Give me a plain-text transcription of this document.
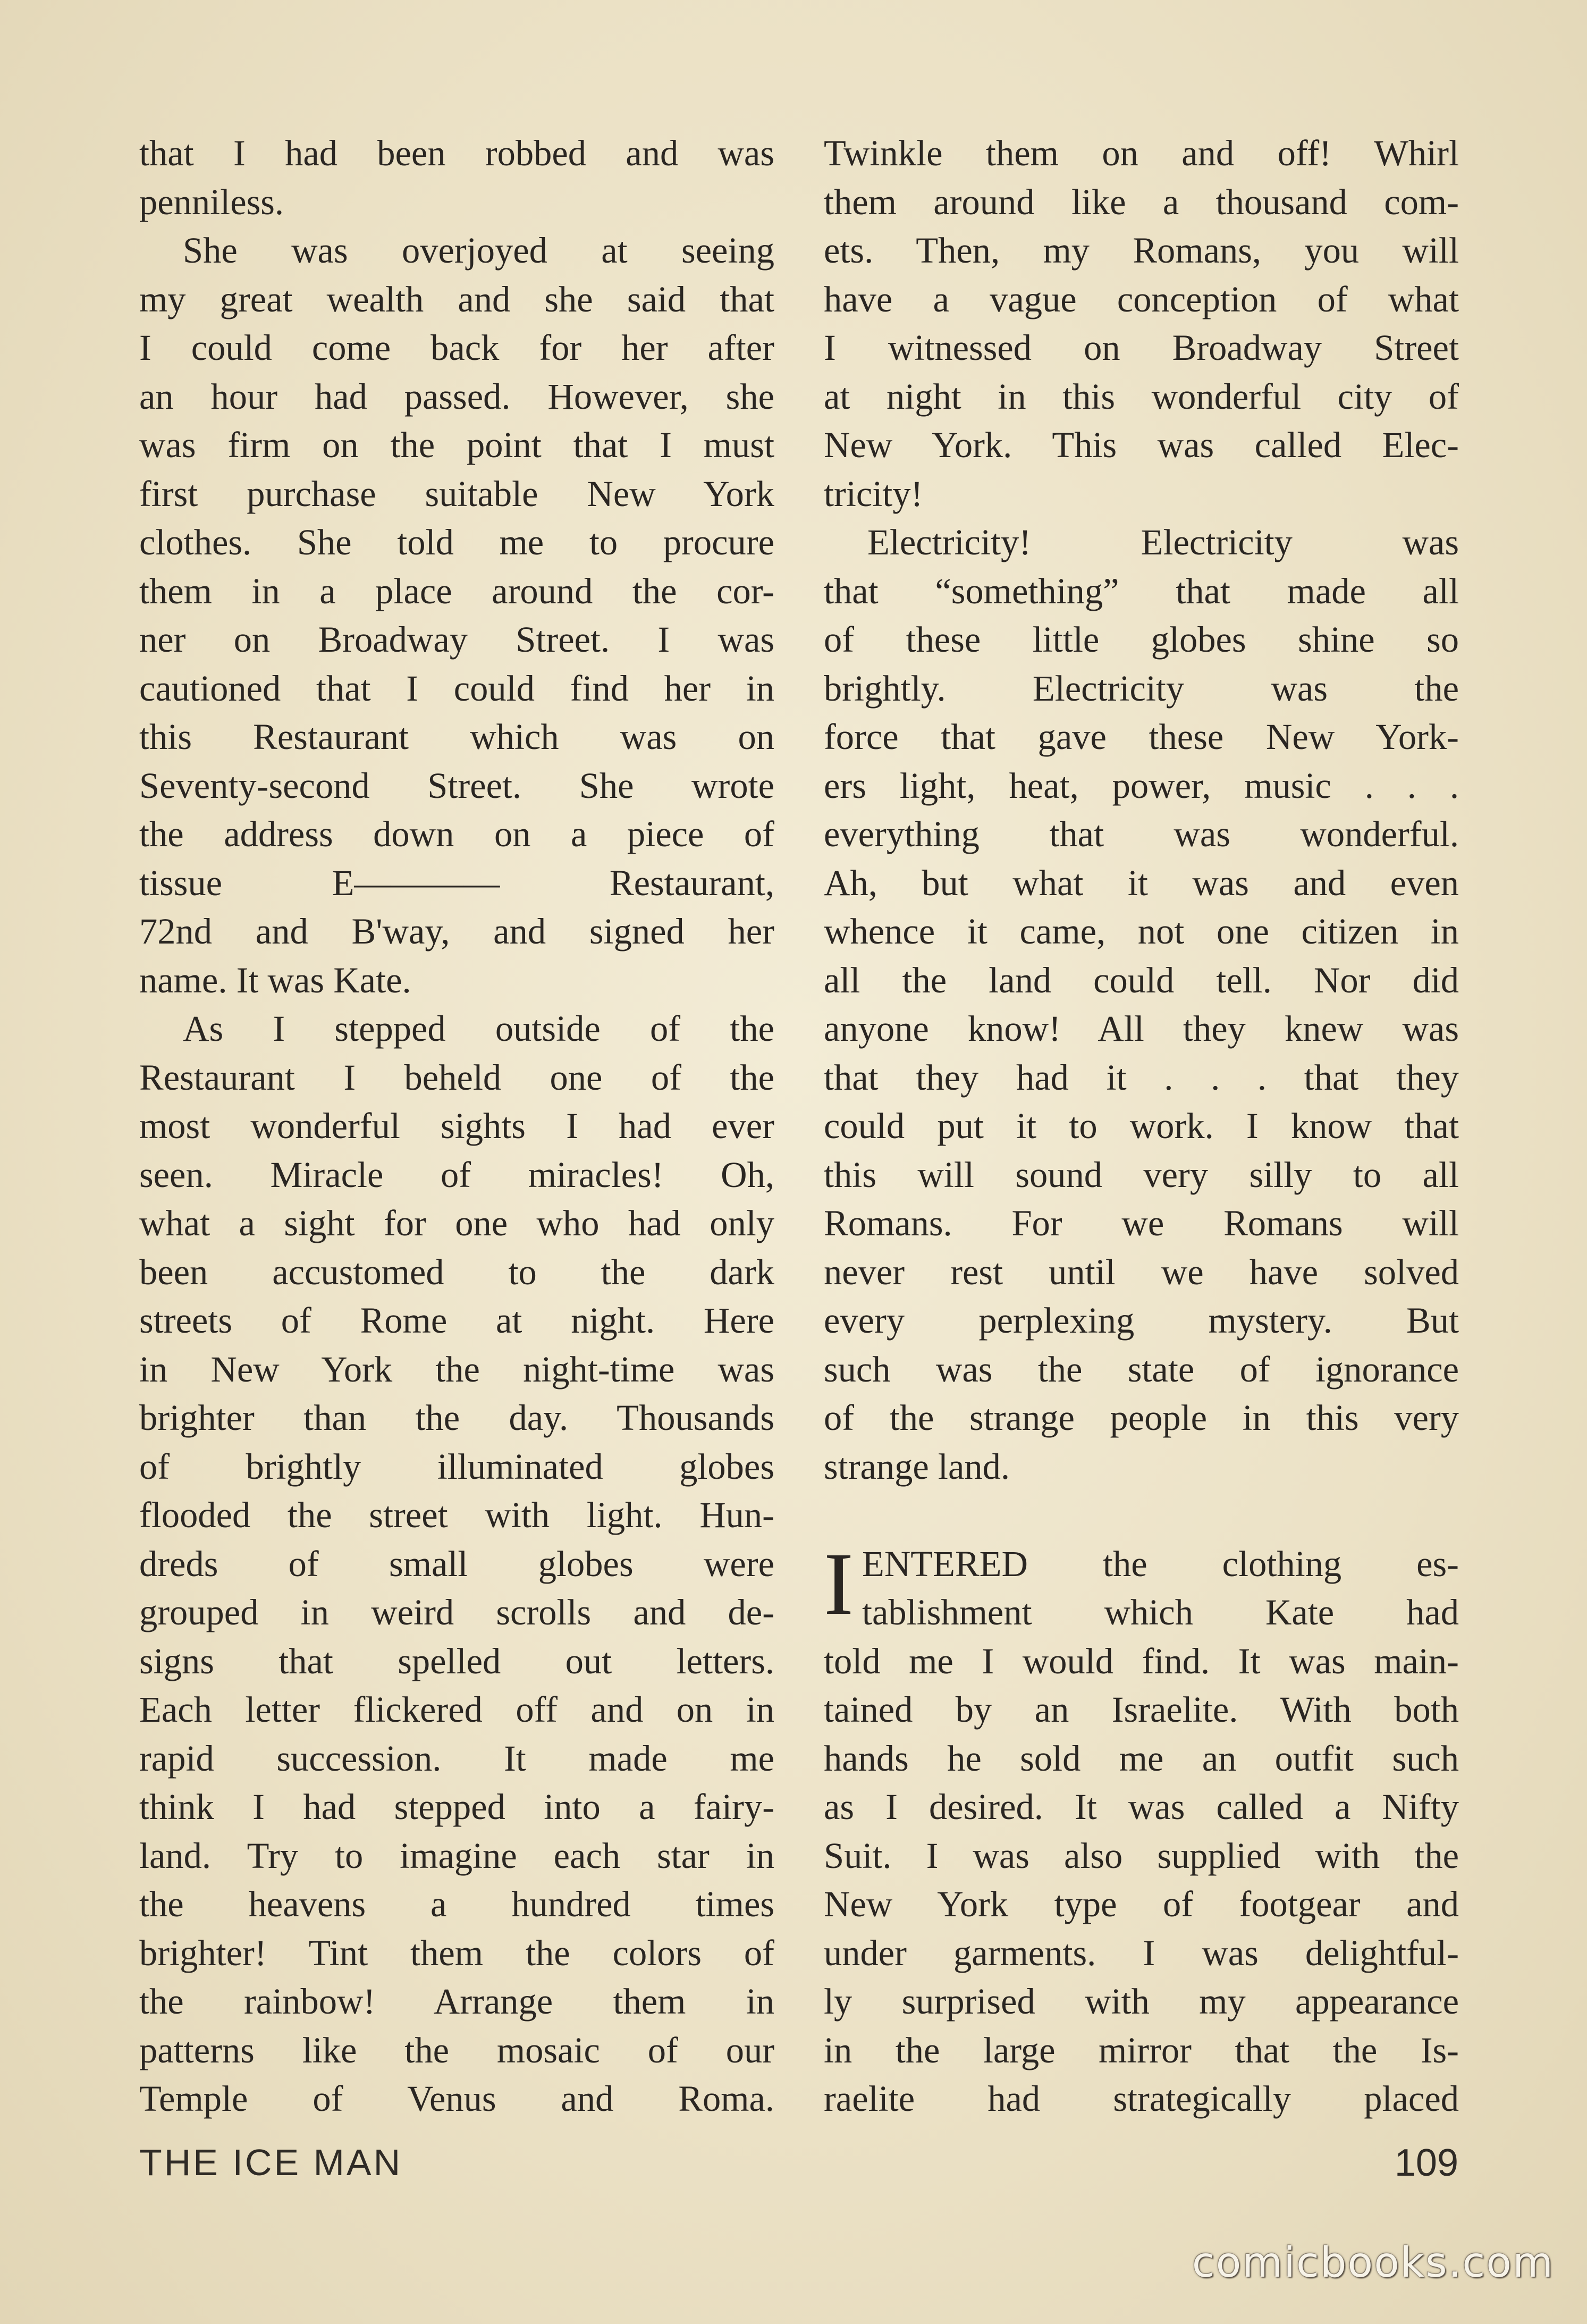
that I had been robbed and was
penniless.
She was overjoyed at seeing
my great wealth and she said that
I could come back for her after
an hour had passed. However, she
was firm on the point that I must
first purchase suitable New York
clothes. She told me to procure
them in a place around the cor-
ner on Broadway Street. I was
cautioned that I could find her in
this Restaurant which was on
Seventy-second Street. She wrote
the address down on a piece of
tissue E———— Restaurant,
72nd and B'way, and signed her
name. It was Kate.
As I stepped outside of the
Restaurant I beheld one of the
most wonderful sights I had ever
seen. Miracle of miracles! Oh,
what a sight for one who had only
been accustomed to the dark
streets of Rome at night. Here
in New York the night-time was
brighter than the day. Thousands
of brightly illuminated globes
flooded the street with light. Hun-
dreds of small globes were
grouped in weird scrolls and de-
signs that spelled out letters.
Each letter flickered off and on in
rapid succession. It made me
think I had stepped into a fairy-
land. Try to imagine each star in
the heavens a hundred times
brighter! Tint them the colors of
the rainbow! Arrange them in
patterns like the mosaic of our
Temple of Venus and Roma.
Twinkle them on and off! Whirl
them around like a thousand com-
ets. Then, my Romans, you will
have a vague conception of what
I witnessed on Broadway Street
at night in this wonderful city of
New York. This was called Elec-
tricity!
Electricity! Electricity was
that “something” that made all
of these little globes shine so
brightly. Electricity was the
force that gave these New York-
ers light, heat, power, music . . .
everything that was wonderful.
Ah, but what it was and even
whence it came, not one citizen in
all the land could tell. Nor did
anyone know! All they knew was
that they had it . . . that they
could put it to work. I know that
this will sound very silly to all
Romans. For we Romans will
never rest until we have solved
every perplexing mystery. But
such was the state of ignorance
of the strange people in this very
strange land.
I ENTERED the clothing es-
tablishment which Kate had
told me I would find. It was main-
tained by an Israelite. With both
hands he sold me an outfit such
as I desired. It was called a Nifty
Suit. I was also supplied with the
New York type of footgear and
under garments. I was delightful-
ly surprised with my appearance
in the large mirror that the Is-
raelite had strategically placed
THE ICE MAN	109
comicbooks.com
